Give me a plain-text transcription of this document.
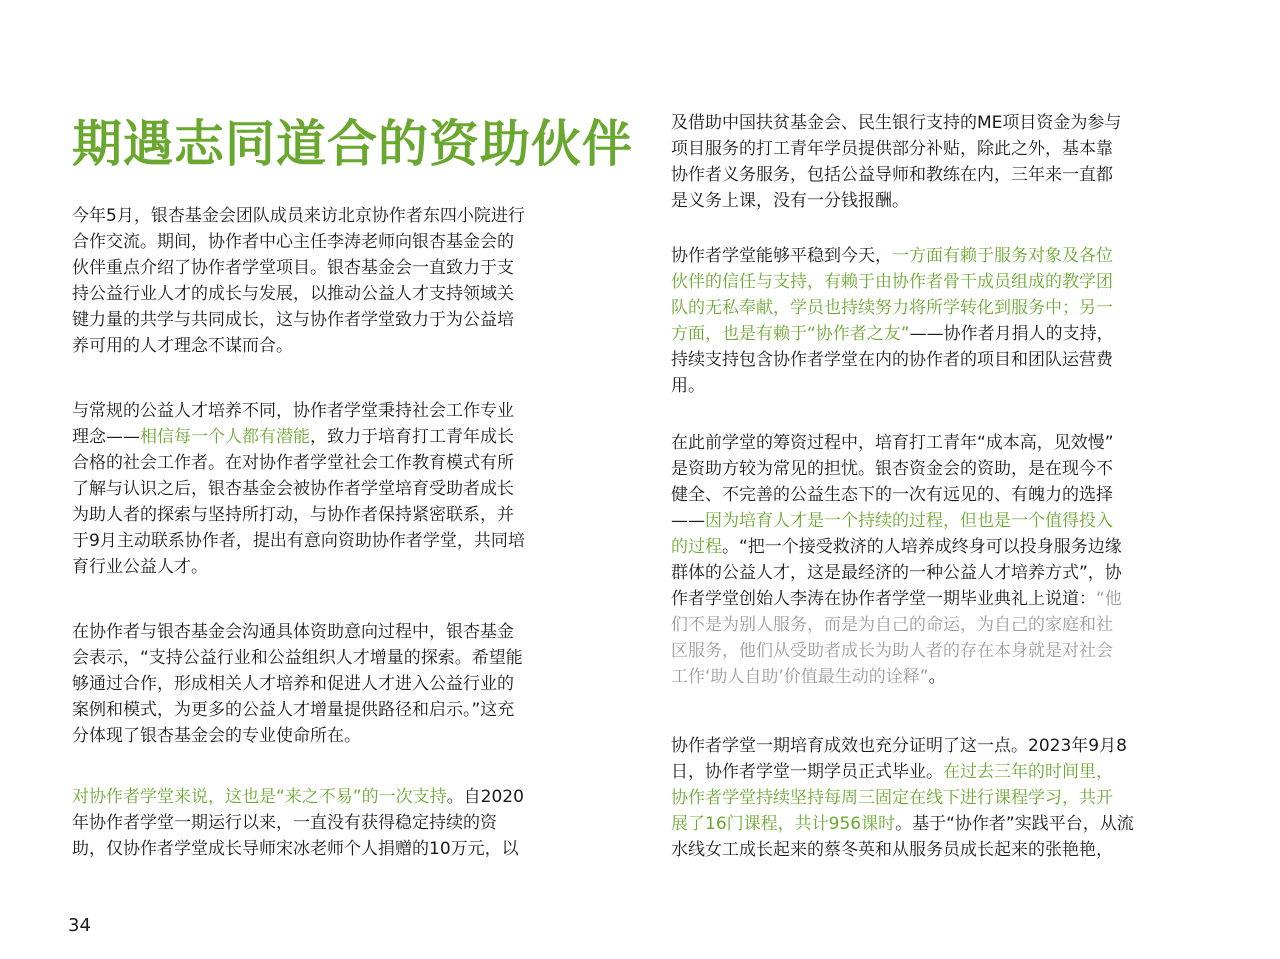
期遇志同道合的资助伙伴
今年5月，银杏基金会团队成员来访北京协作者东四小院进行
合作交流。期间，协作者中心主任李涛老师向银杏基金会的
伙伴重点介绍了协作者学堂项目。银杏基金会一直致力于支
持公益行业人才的成长与发展，以推动公益人才支持领域关
键力量的共学与共同成长，这与协作者学堂致力于为公益培
养可用的人才理念不谋而合。
与常规的公益人才培养不同，协作者学堂秉持社会工作专业
理念——相信每一个人都有潜能，致力于培育打工青年成长
合格的社会工作者。在对协作者学堂社会工作教育模式有所
了解与认识之后，银杏基金会被协作者学堂培育受助者成长
为助人者的探索与坚持所打动，与协作者保持紧密联系，并
于9月主动联系协作者，提出有意向资助协作者学堂，共同培
育行业公益人才。
在协作者与银杏基金会沟通具体资助意向过程中，银杏基金
会表示，“支持公益行业和公益组织人才增量的探索。希望能
够通过合作，形成相关人才培养和促进人才进入公益行业的
案例和模式，为更多的公益人才增量提供路径和启示。”这充
分体现了银杏基金会的专业使命所在。
对协作者学堂来说，这也是“来之不易”的一次支持。自2020
年协作者学堂一期运行以来，一直没有获得稳定持续的资
助，仅协作者学堂成长导师宋冰老师个人捐赠的10万元，以
及借助中国扶贫基金会、民生银行支持的ME项目资金为参与
项目服务的打工青年学员提供部分补贴，除此之外，基本靠
协作者义务服务，包括公益导师和教练在内，三年来一直都
是义务上课，没有一分钱报酬。
协作者学堂能够平稳到今天，一方面有赖于服务对象及各位
伙伴的信任与支持，有赖于由协作者骨干成员组成的教学团
队的无私奉献，学员也持续努力将所学转化到服务中；另一
方面，也是有赖于“协作者之友”——协作者月捐人的支持，
持续支持包含协作者学堂在内的协作者的项目和团队运营费
用。
在此前学堂的筹资过程中，培育打工青年“成本高，见效慢”
是资助方较为常见的担忧。银杏资金会的资助，是在现今不
健全、不完善的公益生态下的一次有远见的、有魄力的选择
——因为培育人才是一个持续的过程，但也是一个值得投入
的过程。“把一个接受救济的人培养成终身可以投身服务边缘
群体的公益人才，这是最经济的一种公益人才培养方式”，协
作者学堂创始人李涛在协作者学堂一期毕业典礼上说道：“他
们不是为别人服务，而是为自己的命运，为自己的家庭和社
区服务，他们从受助者成长为助人者的存在本身就是对社会
工作‘助人自助’价值最生动的诠释”。
协作者学堂一期培育成效也充分证明了这一点。2023年9月8
日，协作者学堂一期学员正式毕业。在过去三年的时间里，
协作者学堂持续坚持每周三固定在线下进行课程学习，共开
展了16门课程，共计956课时。基于“协作者”实践平台，从流
水线女工成长起来的蔡冬英和从服务员成长起来的张艳艳，
34
